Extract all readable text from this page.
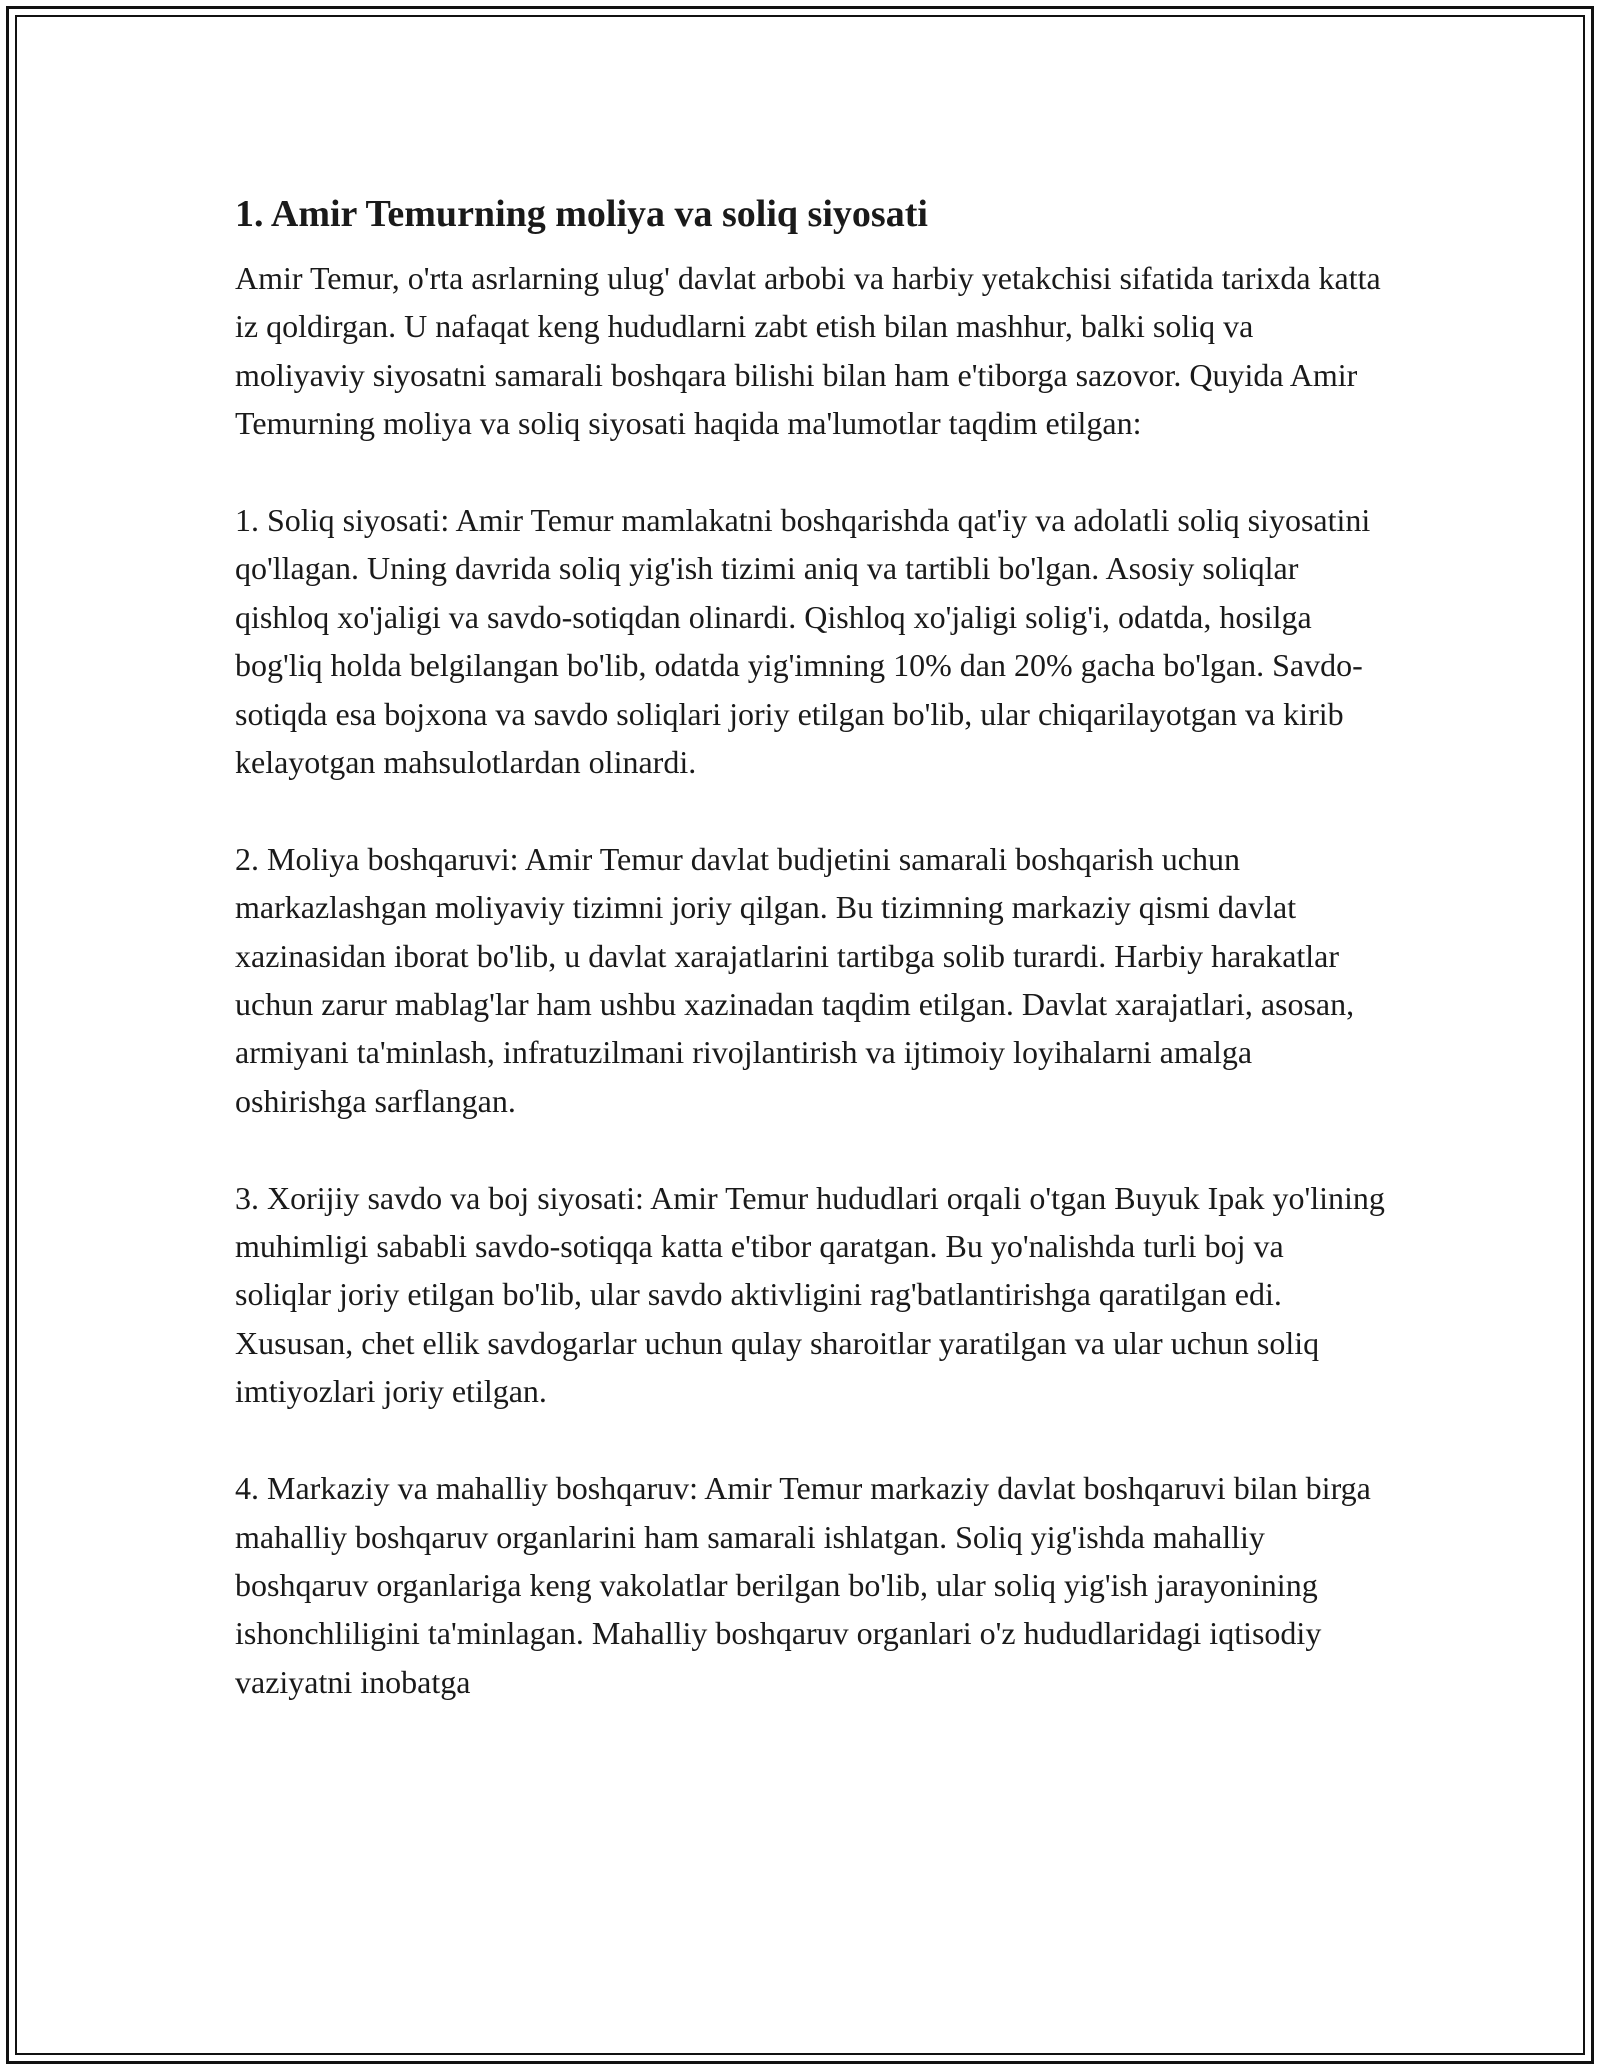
1. Amir Temurning moliya va soliq siyosati

Amir Temur, o'rta asrlarning ulug' davlat arbobi va harbiy yetakchisi sifatida tarixda katta iz qoldirgan. U nafaqat keng hududlarni zabt etish bilan mashhur, balki soliq va moliyaviy siyosatni samarali boshqara bilishi bilan ham e'tiborga sazovor. Quyida Amir Temurning moliya va soliq siyosati haqida ma'lumotlar taqdim etilgan:

1. Soliq siyosati: Amir Temur mamlakatni boshqarishda qat'iy va adolatli soliq siyosatini qo'llagan. Uning davrida soliq yig'ish tizimi aniq va tartibli bo'lgan. Asosiy soliqlar qishloq xo'jaligi va savdo-sotiqdan olinardi. Qishloq xo'jaligi solig'i, odatda, hosilga bog'liq holda belgilangan bo'lib, odatda yig'imning 10% dan 20% gacha bo'lgan. Savdo-sotiqda esa bojxona va savdo soliqlari joriy etilgan bo'lib, ular chiqarilayotgan va kirib kelayotgan mahsulotlardan olinardi.

2. Moliya boshqaruvi: Amir Temur davlat budjetini samarali boshqarish uchun markazlashgan moliyaviy tizimni joriy qilgan. Bu tizimning markaziy qismi davlat xazinasidan iborat bo'lib, u davlat xarajatlarini tartibga solib turardi. Harbiy harakatlar uchun zarur mablag'lar ham ushbu xazinadan taqdim etilgan. Davlat xarajatlari, asosan, armiyani ta'minlash, infratuzilmani rivojlantirish va ijtimoiy loyihalarni amalga oshirishga sarflangan.

3. Xorijiy savdo va boj siyosati: Amir Temur hududlari orqali o'tgan Buyuk Ipak yo'lining muhimligi sababli savdo-sotiqqa katta e'tibor qaratgan. Bu yo'nalishda turli boj va soliqlar joriy etilgan bo'lib, ular savdo aktivligini rag'batlantirishga qaratilgan edi. Xususan, chet ellik savdogarlar uchun qulay sharoitlar yaratilgan va ular uchun soliq imtiyozlari joriy etilgan.

4. Markaziy va mahalliy boshqaruv: Amir Temur markaziy davlat boshqaruvi bilan birga mahalliy boshqaruv organlarini ham samarali ishlatgan. Soliq yig'ishda mahalliy boshqaruv organlariga keng vakolatlar berilgan bo'lib, ular soliq yig'ish jarayonining ishonchliligini ta'minlagan. Mahalliy boshqaruv organlari o'z hududlaridagi iqtisodiy vaziyatni inobatga
